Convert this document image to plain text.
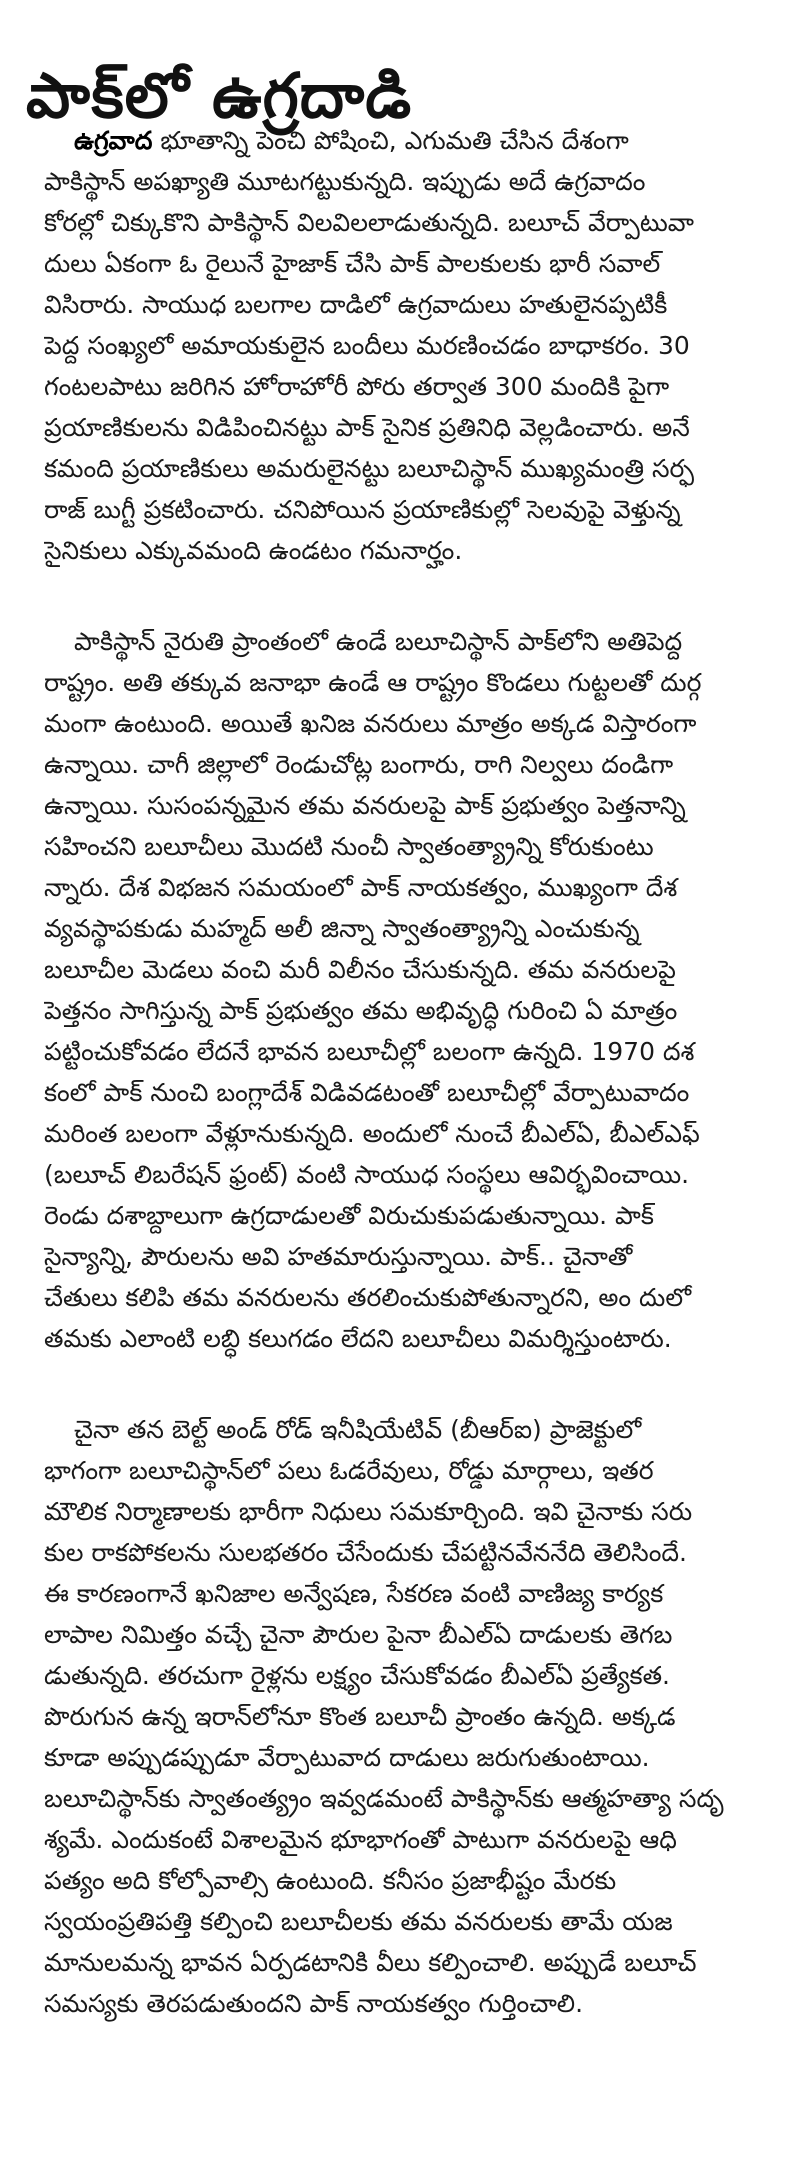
పాక్‌లో ఉగ్రదాడి
ఉగ్రవాద భూతాన్ని పెంచి పోషించి, ఎగుమతి చేసిన దేశంగా
పాకిస్థాన్ అపఖ్యాతి మూటగట్టుకున్నది. ఇప్పుడు అదే ఉగ్రవాదం
కోరల్లో చిక్కుకొని పాకిస్థాన్ విలవిలలాడుతున్నది. బలూచ్ వేర్పాటువా
దులు ఏకంగా ఓ రైలునే హైజాక్ చేసి పాక్ పాలకులకు భారీ సవాల్
విసిరారు. సాయుధ బలగాల దాడిలో ఉగ్రవాదులు హతులైనప్పటికీ
పెద్ద సంఖ్యలో అమాయకులైన బందీలు మరణించడం బాధాకరం. 30
గంటలపాటు జరిగిన హోరాహోరీ పోరు తర్వాత 300 మందికి పైగా
ప్రయాణికులను విడిపించినట్టు పాక్ సైనిక ప్రతినిధి వెల్లడించారు. అనే
కమంది ప్రయాణికులు అమరులైనట్టు బలూచిస్థాన్ ముఖ్యమంత్రి సర్ఫ
రాజ్ బుగ్టీ ప్రకటించారు. చనిపోయిన ప్రయాణికుల్లో సెలవుపై వెళ్తున్న
సైనికులు ఎక్కువమంది ఉండటం గమనార్హం.
పాకిస్థాన్ నైరుతి ప్రాంతంలో ఉండే బలూచిస్థాన్ పాక్‌లోని అతిపెద్ద
రాష్ట్రం. అతి తక్కువ జనాభా ఉండే ఆ రాష్ట్రం కొండలు గుట్టలతో దుర్గ
మంగా ఉంటుంది. అయితే ఖనిజ వనరులు మాత్రం అక్కడ విస్తారంగా
ఉన్నాయి. చాగీ జిల్లాలో రెండుచోట్ల బంగారు, రాగి నిల్వలు దండిగా
ఉన్నాయి. సుసంపన్నమైన తమ వనరులపై పాక్ ప్రభుత్వం పెత్తనాన్ని
సహించని బలూచీలు మొదటి నుంచీ స్వాతంత్య్రాన్ని కోరుకుంటు
న్నారు. దేశ విభజన సమయంలో పాక్ నాయకత్వం, ముఖ్యంగా దేశ
వ్యవస్థాపకుడు మహ్మద్ అలీ జిన్నా స్వాతంత్య్రాన్ని ఎంచుకున్న
బలూచీల మెడలు వంచి మరీ విలీనం చేసుకున్నది. తమ వనరులపై
పెత్తనం సాగిస్తున్న పాక్ ప్రభుత్వం తమ అభివృద్ధి గురించి ఏ మాత్రం
పట్టించుకోవడం లేదనే భావన బలూచీల్లో బలంగా ఉన్నది. 1970 దశ
కంలో పాక్ నుంచి బంగ్లాదేశ్ విడివడటంతో బలూచీల్లో వేర్పాటువాదం
మరింత బలంగా వేళ్లూనుకున్నది. అందులో నుంచే బీఎల్ఏ, బీఎల్ఎఫ్
(బలూచ్ లిబరేషన్ ఫ్రంట్) వంటి సాయుధ సంస్థలు ఆవిర్భవించాయి.
రెండు దశాబ్దాలుగా ఉగ్రదాడులతో విరుచుకుపడుతున్నాయి. పాక్
సైన్యాన్ని, పౌరులను అవి హతమారుస్తున్నాయి. పాక్.. చైనాతో
చేతులు కలిపి తమ వనరులను తరలించుకుపోతున్నారని, అం దులో
తమకు ఎలాంటి లబ్ధి కలుగడం లేదని బలూచీలు విమర్శిస్తుంటారు.
చైనా తన బెల్ట్ అండ్ రోడ్ ఇనీషియేటివ్ (బీఆర్ఐ) ప్రాజెక్టులో
భాగంగా బలూచిస్థాన్‌లో పలు ఓడరేవులు, రోడ్డు మార్గాలు, ఇతర
మౌలిక నిర్మాణాలకు భారీగా నిధులు సమకూర్చింది. ఇవి చైనాకు సరు
కుల రాకపోకలను సులభతరం చేసేందుకు చేపట్టినవేననేది తెలిసిందే.
ఈ కారణంగానే ఖనిజాల అన్వేషణ, సేకరణ వంటి వాణిజ్య కార్యక
లాపాల నిమిత్తం వచ్చే చైనా పౌరుల పైనా బీఎల్ఏ దాడులకు తెగబ
డుతున్నది. తరచుగా రైళ్లను లక్ష్యం చేసుకోవడం బీఎల్ఏ ప్రత్యేకత.
పొరుగున ఉన్న ఇరాన్‌లోనూ కొంత బలూచీ ప్రాంతం ఉన్నది. అక్కడ
కూడా అప్పుడప్పుడూ వేర్పాటువాద దాడులు జరుగుతుంటాయి.
బలూచిస్థాన్‌కు స్వాతంత్య్రం ఇవ్వడమంటే పాకిస్థాన్‌కు ఆత్మహత్యా సదృ
శ్యమే. ఎందుకంటే విశాలమైన భూభాగంతో పాటుగా వనరులపై ఆధి
పత్యం అది కోల్పోవాల్సి ఉంటుంది. కనీసం ప్రజాభీష్టం మేరకు
స్వయంప్రతిపత్తి కల్పించి బలూచీలకు తమ వనరులకు తామే యజ
మానులమన్న భావన ఏర్పడటానికి వీలు కల్పించాలి. అప్పుడే బలూచ్
సమస్యకు తెరపడుతుందని పాక్ నాయకత్వం గుర్తించాలి.
